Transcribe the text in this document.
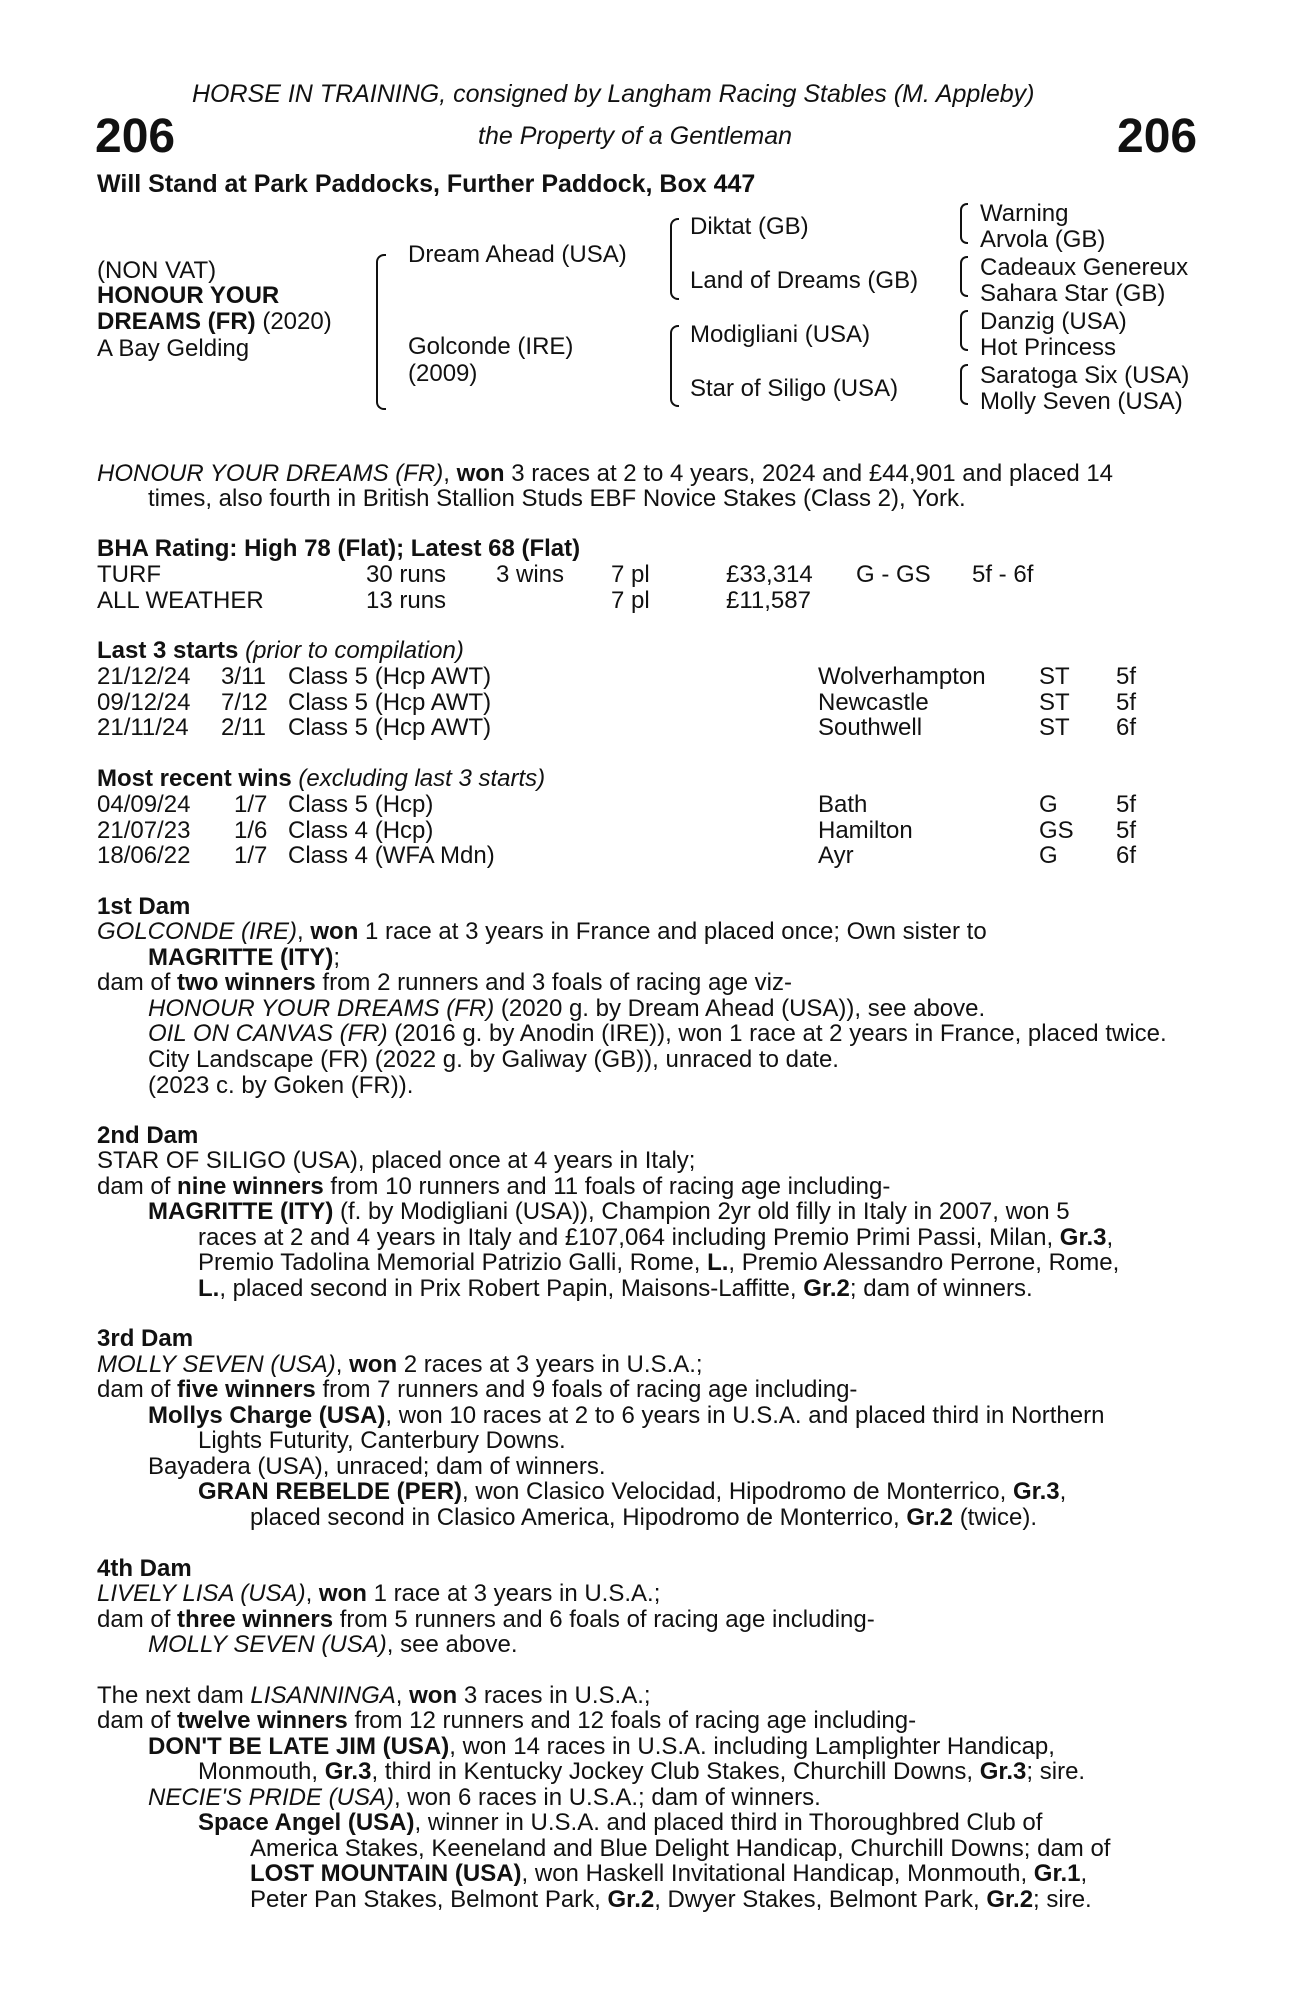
HORSE IN TRAINING, consigned by Langham Racing Stables (M. Appleby)
206	the Property of a Gentleman	206
Will Stand at Park Paddocks, Further Paddock, Box 447
(NON VAT)
HONOUR YOUR
DREAMS (FR) (2020)
A Bay Gelding
Dream Ahead (USA)
Golconde (IRE)
(2009)
Diktat (GB)
Land of Dreams (GB)
Modigliani (USA)
Star of Siligo (USA)
Warning
Arvola (GB)
Cadeaux Genereux
Sahara Star (GB)
Danzig (USA)
Hot Princess
Saratoga Six (USA)
Molly Seven (USA)
HONOUR YOUR DREAMS (FR), won 3 races at 2 to 4 years, 2024 and £44,901 and placed 14
times, also fourth in British Stallion Studs EBF Novice Stakes (Class 2), York.
BHA Rating: High 78 (Flat); Latest 68 (Flat)
TURF	30 runs 3 wins 7 pl	£33,314 G - GS 5f - 6f
ALL WEATHER	13 runs	7 pl	£11,587
Last 3 starts (prior to compilation)
21/12/24 3/11 Class 5 (Hcp AWT)	Wolverhampton ST 5f
09/12/24 7/12 Class 5 (Hcp AWT)	Newcastle	ST 5f
21/11/24 2/11 Class 5 (Hcp AWT)	Southwell	ST 6f
Most recent wins (excluding last 3 starts)
04/09/24 1/7 Class 5 (Hcp)	Bath	G 5f
21/07/23 1/6 Class 4 (Hcp)	Hamilton	GS 5f
18/06/22 1/7 Class 4 (WFA Mdn)	Ayr	G 6f
1st Dam
GOLCONDE (IRE), won 1 race at 3 years in France and placed once; Own sister to
MAGRITTE (ITY);
dam of two winners from 2 runners and 3 foals of racing age viz-
HONOUR YOUR DREAMS (FR) (2020 g. by Dream Ahead (USA)), see above.
OIL ON CANVAS (FR) (2016 g. by Anodin (IRE)), won 1 race at 2 years in France, placed twice.
City Landscape (FR) (2022 g. by Galiway (GB)), unraced to date.
(2023 c. by Goken (FR)).
2nd Dam
STAR OF SILIGO (USA), placed once at 4 years in Italy;
dam of nine winners from 10 runners and 11 foals of racing age including-
MAGRITTE (ITY) (f. by Modigliani (USA)), Champion 2yr old filly in Italy in 2007, won 5
races at 2 and 4 years in Italy and £107,064 including Premio Primi Passi, Milan, Gr.3,
Premio Tadolina Memorial Patrizio Galli, Rome, L., Premio Alessandro Perrone, Rome,
L., placed second in Prix Robert Papin, Maisons-Laffitte, Gr.2; dam of winners.
3rd Dam
MOLLY SEVEN (USA), won 2 races at 3 years in U.S.A.;
dam of five winners from 7 runners and 9 foals of racing age including-
Mollys Charge (USA), won 10 races at 2 to 6 years in U.S.A. and placed third in Northern
Lights Futurity, Canterbury Downs.
Bayadera (USA), unraced; dam of winners.
GRAN REBELDE (PER), won Clasico Velocidad, Hipodromo de Monterrico, Gr.3,
placed second in Clasico America, Hipodromo de Monterrico, Gr.2 (twice).
4th Dam
LIVELY LISA (USA), won 1 race at 3 years in U.S.A.;
dam of three winners from 5 runners and 6 foals of racing age including-
MOLLY SEVEN (USA), see above.
The next dam LISANNINGA, won 3 races in U.S.A.;
dam of twelve winners from 12 runners and 12 foals of racing age including-
DON'T BE LATE JIM (USA), won 14 races in U.S.A. including Lamplighter Handicap,
Monmouth, Gr.3, third in Kentucky Jockey Club Stakes, Churchill Downs, Gr.3; sire.
NECIE'S PRIDE (USA), won 6 races in U.S.A.; dam of winners.
Space Angel (USA), winner in U.S.A. and placed third in Thoroughbred Club of
America Stakes, Keeneland and Blue Delight Handicap, Churchill Downs; dam of
LOST MOUNTAIN (USA), won Haskell Invitational Handicap, Monmouth, Gr.1,
Peter Pan Stakes, Belmont Park, Gr.2, Dwyer Stakes, Belmont Park, Gr.2; sire.
